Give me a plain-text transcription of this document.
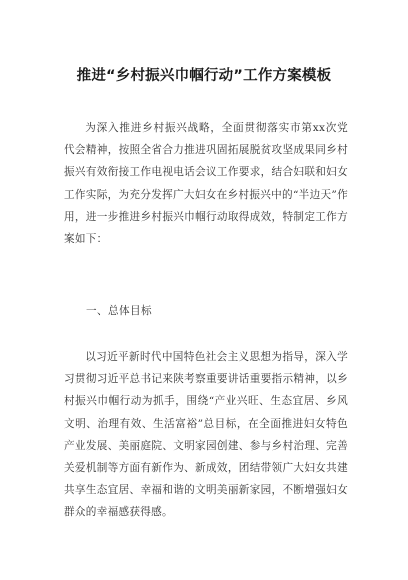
推进“乡村振兴巾帼行动”工作方案模板

为深入推进乡村振兴战略，全面贯彻落实市第xx次党代会精神，按照全省合力推进巩固拓展脱贫攻坚成果同乡村振兴有效衔接工作电视电话会议工作要求，结合妇联和妇女工作实际，为充分发挥广大妇女在乡村振兴中的“半边天”作用，进一步推进乡村振兴巾帼行动取得成效，特制定工作方案如下：

一、总体目标

以习近平新时代中国特色社会主义思想为指导，深入学习贯彻习近平总书记来陕考察重要讲话重要指示精神，以乡村振兴巾帼行动为抓手，围绕“产业兴旺、生态宜居、乡风文明、治理有效、生活富裕”总目标，在全面推进妇女特色产业发展、美丽庭院、文明家园创建、参与乡村治理、完善关爱机制等方面有新作为、新成效，团结带领广大妇女共建共享生态宜居、幸福和谐的文明美丽新家园，不断增强妇女群众的幸福感获得感。
